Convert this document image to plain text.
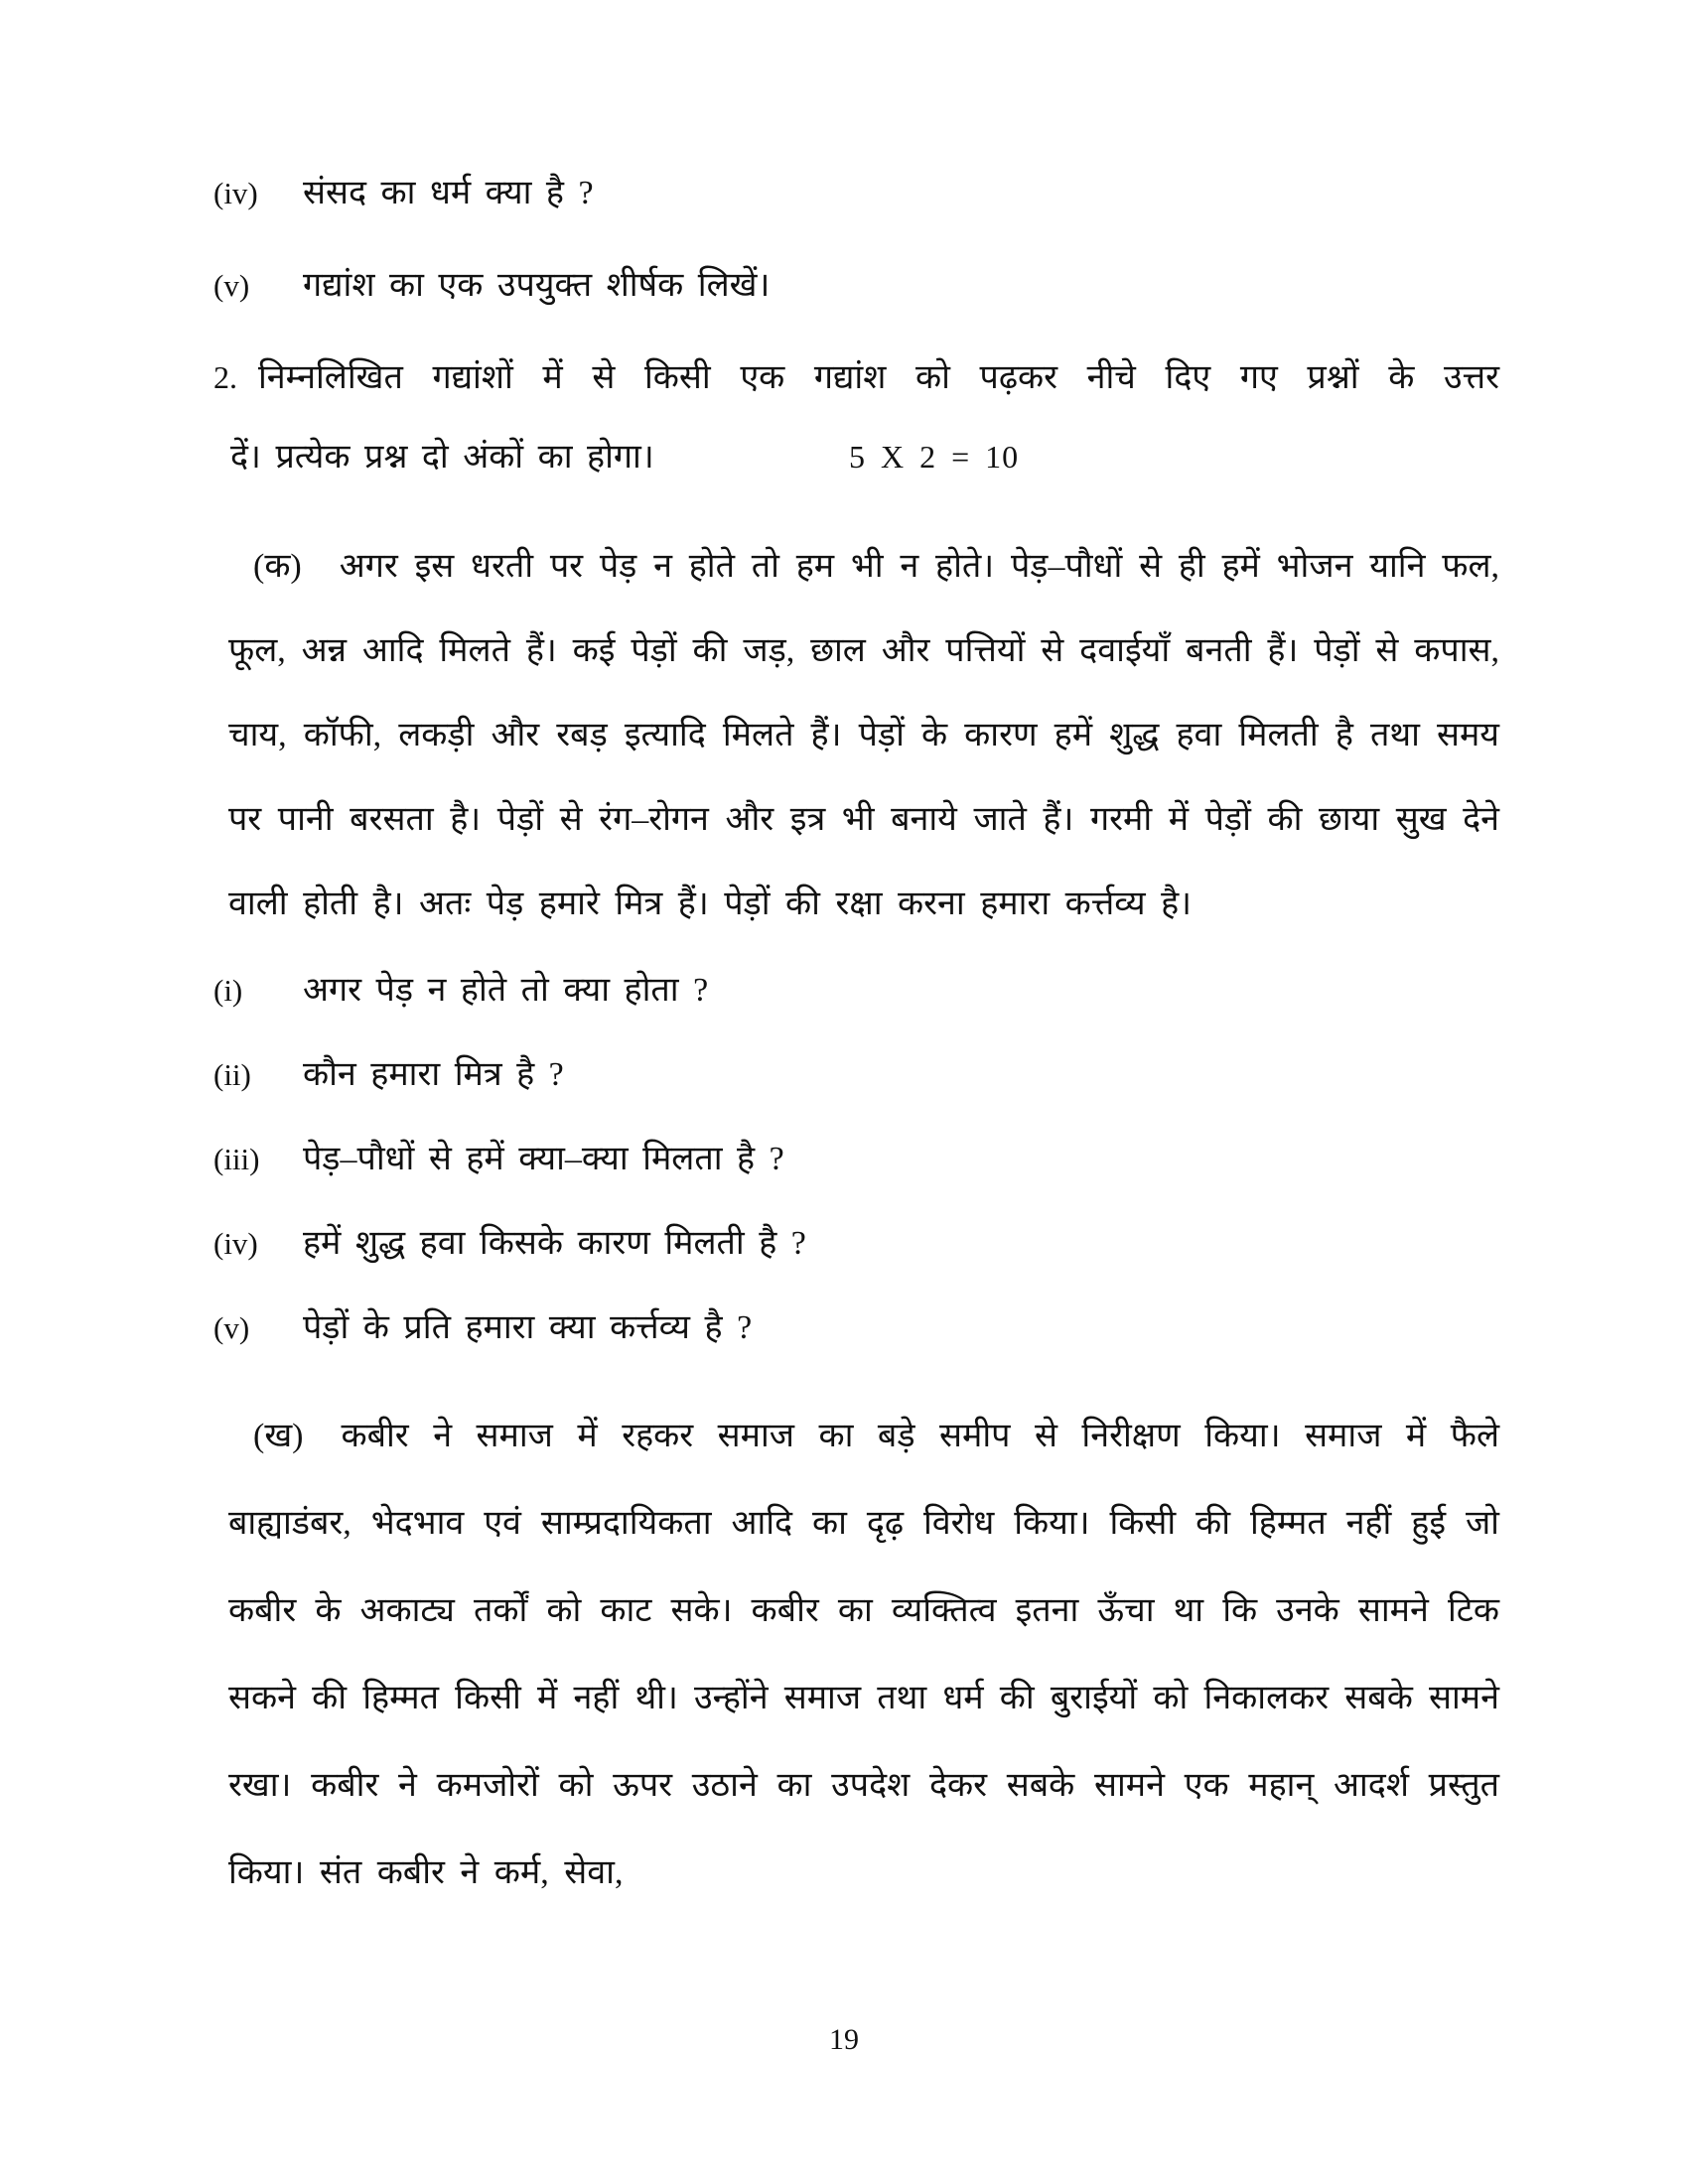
(iv)	संसद का धर्म क्या है ?
(v)	गद्यांश का एक उपयुक्त शीर्षक लिखें।
2. निम्नलिखित गद्यांशों में से किसी एक गद्यांश को पढ़कर नीचे दिए गए प्रश्नों के उत्तर
दें। प्रत्येक प्रश्न दो अंकों का होगा।	5 X 2 = 10
(क) अगर इस धरती पर पेड़ न होते तो हम भी न होते। पेड़–पौधों से ही हमें भोजन यानि फल, फूल, अन्न आदि मिलते हैं। कई पेड़ों की जड़, छाल और पत्तियों से दवाईयाँ बनती हैं। पेड़ों से कपास, चाय, कॉफी, लकड़ी और रबड़ इत्यादि मिलते हैं। पेड़ों के कारण हमें शुद्ध हवा मिलती है तथा समय पर पानी बरसता है। पेड़ों से रंग–रोगन और इत्र भी बनाये जाते हैं। गरमी में पेड़ों की छाया सुख देने वाली होती है। अतः पेड़ हमारे मित्र हैं। पेड़ों की रक्षा करना हमारा कर्त्तव्य है।
(i)	अगर पेड़ न होते तो क्या होता ?
(ii)	कौन हमारा मित्र है ?
(iii)	पेड़–पौधों से हमें क्या–क्या मिलता है ?
(iv)	हमें शुद्ध हवा किसके कारण मिलती है ?
(v)	पेड़ों के प्रति हमारा क्या कर्त्तव्य है ?
(ख) कबीर ने समाज में रहकर समाज का बड़े समीप से निरीक्षण किया। समाज में फैले बाह्याडंबर, भेदभाव एवं साम्प्रदायिकता आदि का दृढ़ विरोध किया। किसी की हिम्मत नहीं हुई जो कबीर के अकाट्य तर्कों को काट सके। कबीर का व्यक्तित्व इतना ऊँचा था कि उनके सामने टिक सकने की हिम्मत किसी में नहीं थी। उन्होंने समाज तथा धर्म की बुराईयों को निकालकर सबके सामने रखा। कबीर ने कमजोरों को ऊपर उठाने का उपदेश देकर सबके सामने एक महान् आदर्श प्रस्तुत किया। संत कबीर ने कर्म, सेवा,
19
